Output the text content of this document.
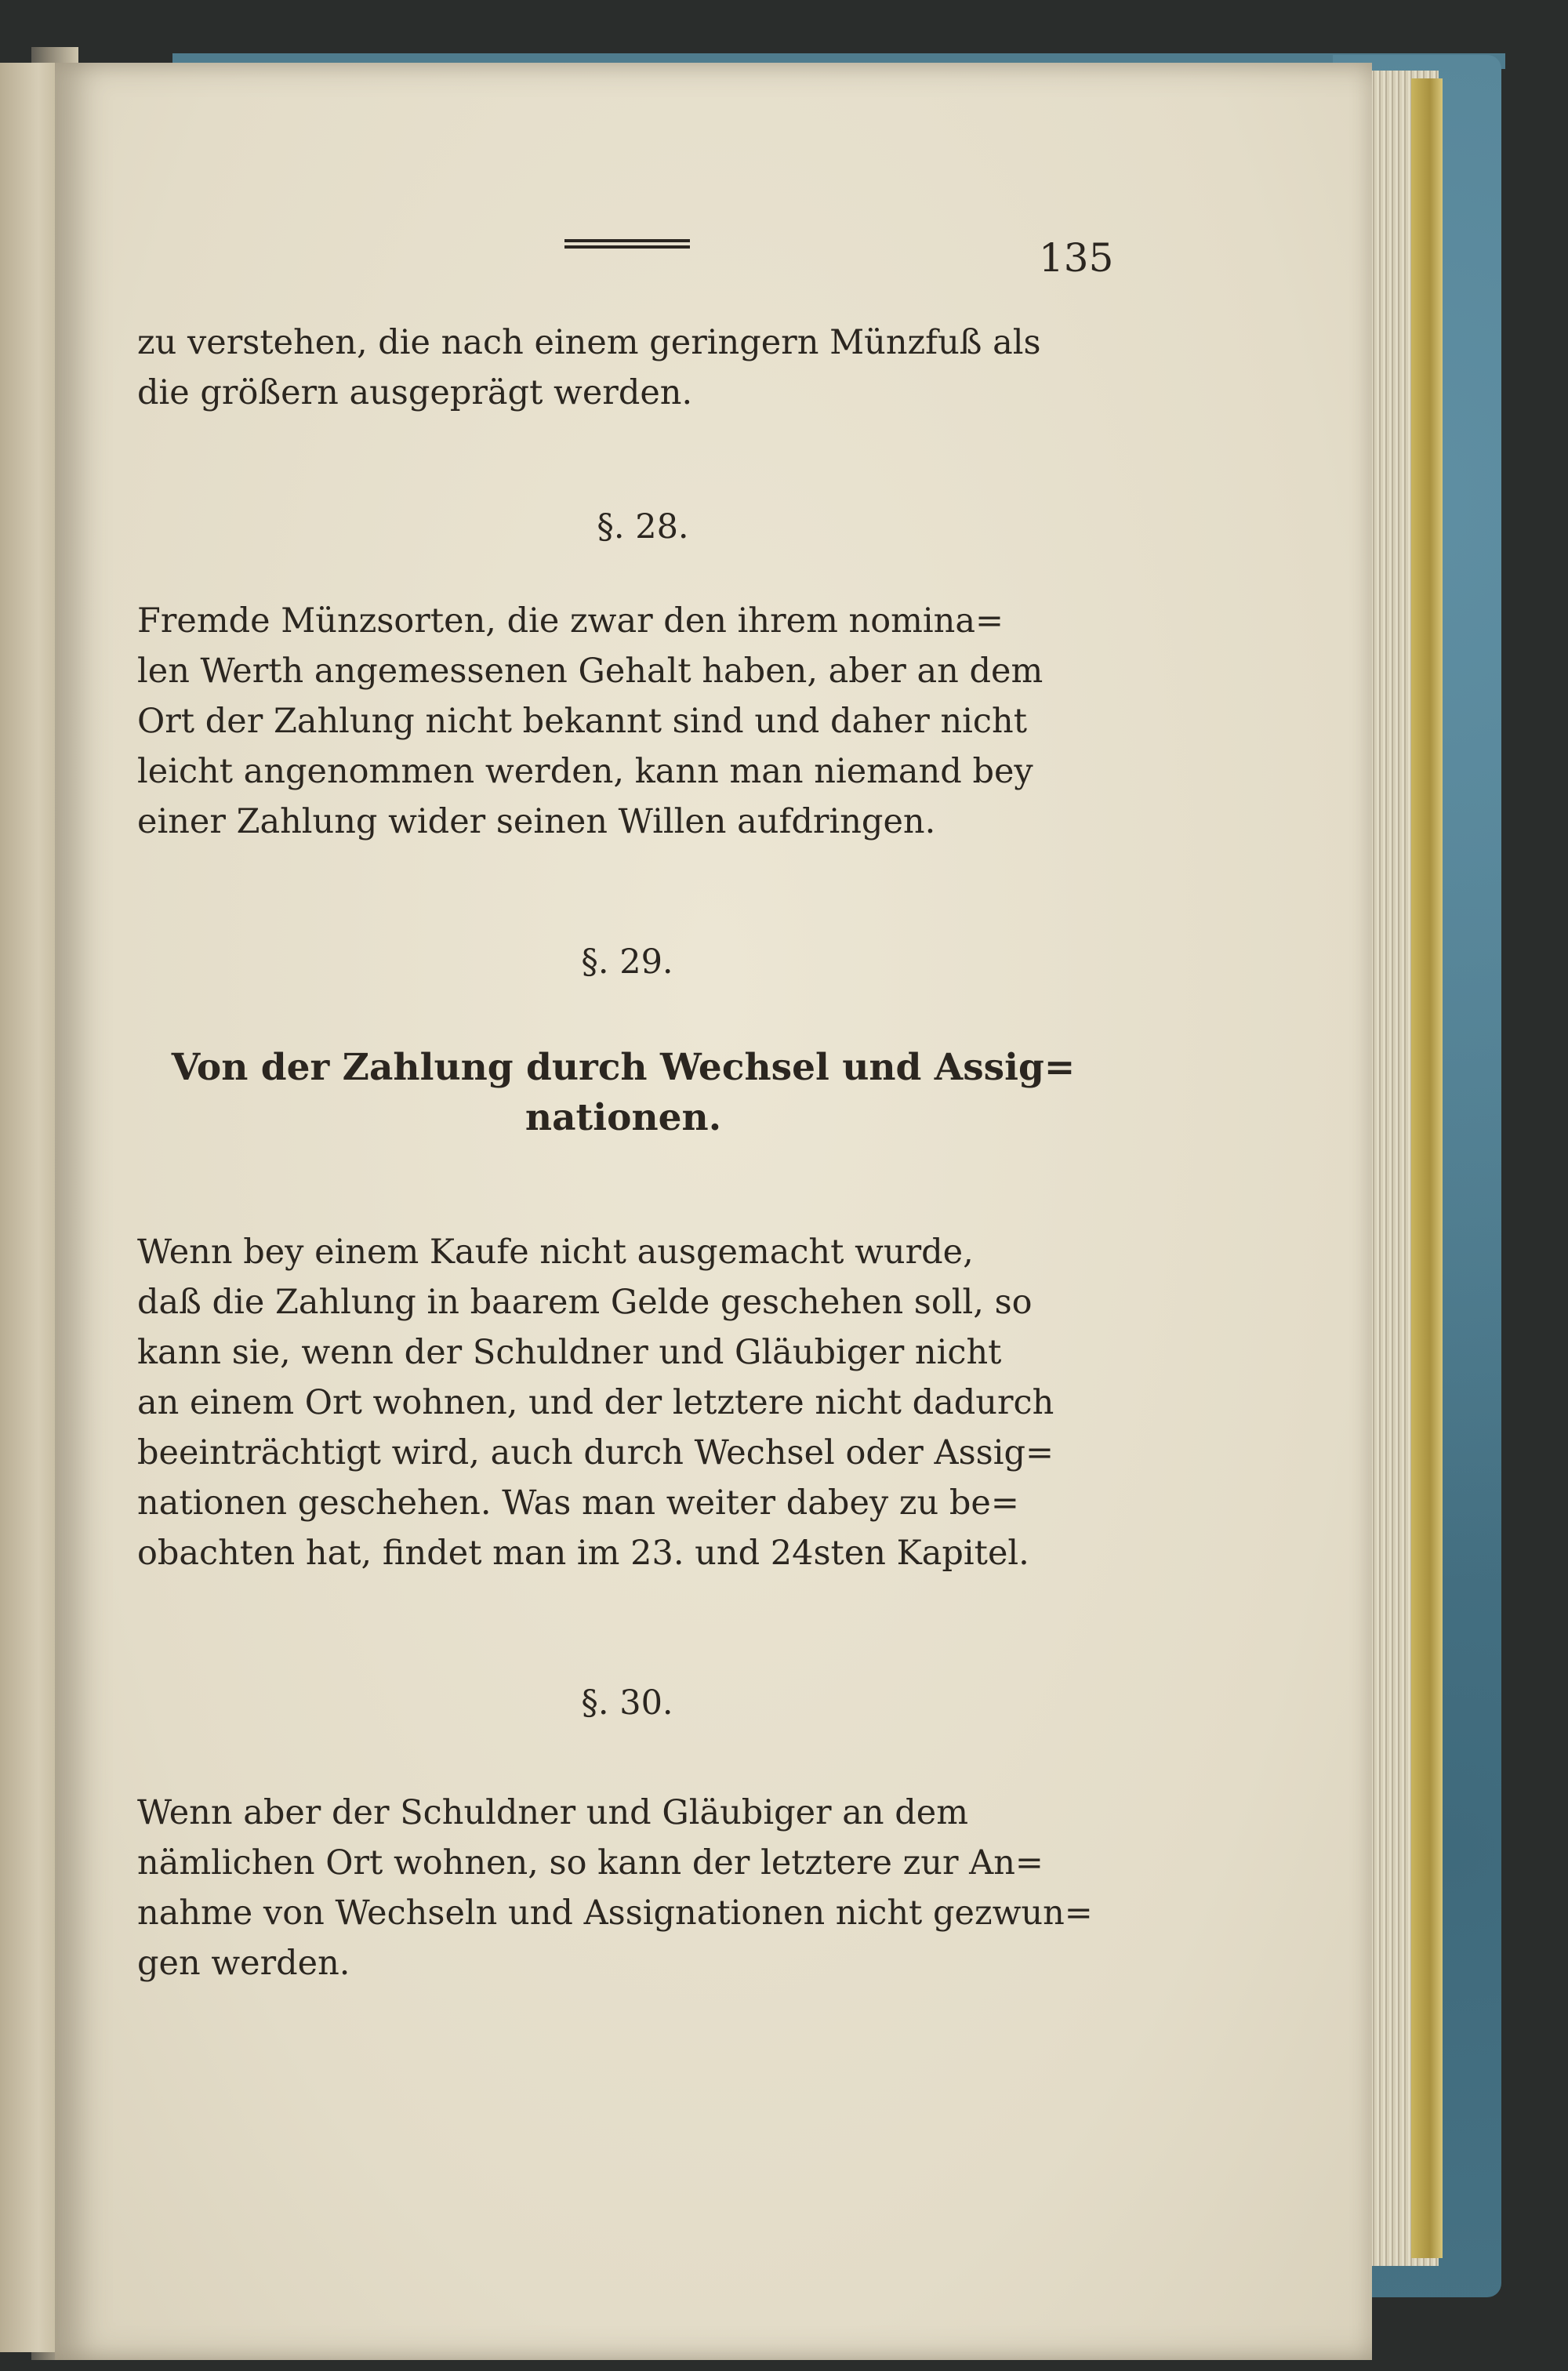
135

zu verstehen, die nach einem geringern Münzfuß als

die größern ausgeprägt werden.

§. 28.

Fremde Münzsorten, die zwar den ihrem nomina=

len Werth angemessenen Gehalt haben, aber an dem

Ort der Zahlung nicht bekannt sind und daher nicht

leicht angenommen werden, kann man niemand bey

einer Zahlung wider seinen Willen aufdringen.

§. 29.
Von der Zahlung durch Wechsel und Assig=
nationen.

Wenn bey einem Kaufe nicht ausgemacht wurde,

daß die Zahlung in baarem Gelde geschehen soll, so

kann sie, wenn der Schuldner und Gläubiger nicht

an einem Ort wohnen, und der letztere nicht dadurch

beeinträchtigt wird, auch durch Wechsel oder Assig=

nationen geschehen. Was man weiter dabey zu be=

obachten hat, findet man im 23. und 24sten Kapitel.

§. 30.

Wenn aber der Schuldner und Gläubiger an dem

nämlichen Ort wohnen, so kann der letztere zur An=

nahme von Wechseln und Assignationen nicht gezwun=

gen werden.
